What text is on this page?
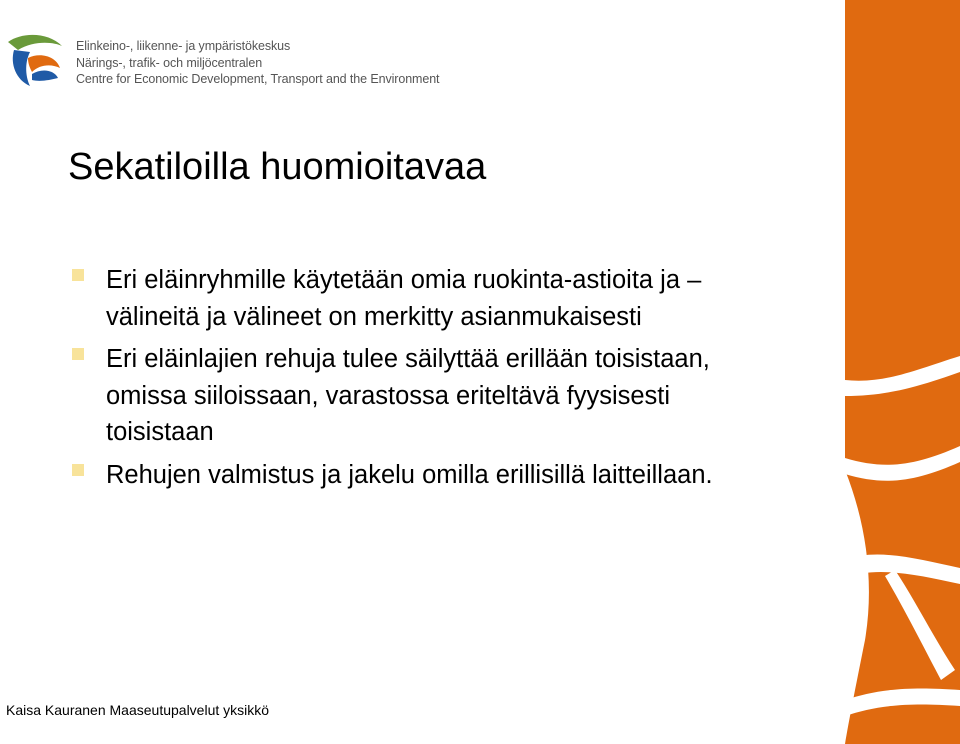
Elinkeino-, liikenne- ja ympäristökeskus
Närings-, trafik- och miljöcentralen
Centre for Economic Development, Transport and the Environment
Sekatiloilla huomioitavaa
Eri eläinryhmille käytetään omia ruokinta-astioita ja –välineitä ja välineet on merkitty asianmukaisesti
Eri eläinlajien rehuja tulee säilyttää erillään toisistaan, omissa siiloissaan, varastossa eriteltävä fyysisesti toisistaan
Rehujen valmistus ja jakelu omilla erillisillä laitteillaan.
Kaisa Kauranen Maaseutupalvelut yksikkö
